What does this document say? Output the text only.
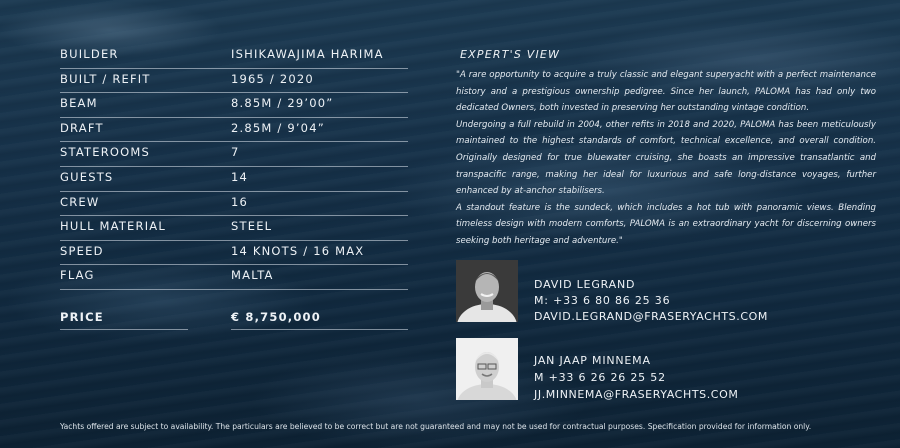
BUILDER	ISHIKAWAJIMA HARIMA
BUILT / REFIT	1965 / 2020
BEAM	8.85M / 29’00”
DRAFT	2.85M / 9’04”
STATEROOMS	7
GUESTS	14
CREW	16
HULL MATERIAL	STEEL
SPEED	14 KNOTS / 16 MAX
FLAG	MALTA
PRICE	€ 8,750,000
EXPERT'S VIEW

"A rare opportunity to acquire a truly classic and elegant superyacht with a perfect maintenance history and a prestigious ownership pedigree. Since her launch, PALOMA has had only two dedicated Owners, both invested in preserving her outstanding vintage condition.

Undergoing a full rebuild in 2004, other refits in 2018 and 2020, PALOMA has been meticulously maintained to the highest standards of comfort, technical excellence, and overall condition. Originally designed for true bluewater cruising, she boasts an impressive transatlantic and transpacific range, making her ideal for luxurious and safe long-distance voyages, further enhanced by at-anchor stabilisers.

A standout feature is the sundeck, which includes a hot tub with panoramic views. Blending timeless design with modern comforts, PALOMA is an extraordinary yacht for discerning owners seeking both heritage and adventure."

DAVID LEGRAND
M: +33 6 80 86 25 36
DAVID.LEGRAND@FRASERYACHTS.COM
JAN JAAP MINNEMA
M +33 6 26 26 25 52
JJ.MINNEMA@FRASERYACHTS.COM
Yachts offered are subject to availability. The particulars are believed to be correct but are not guaranteed and may not be used for contractual purposes. Specification provided for information only.
